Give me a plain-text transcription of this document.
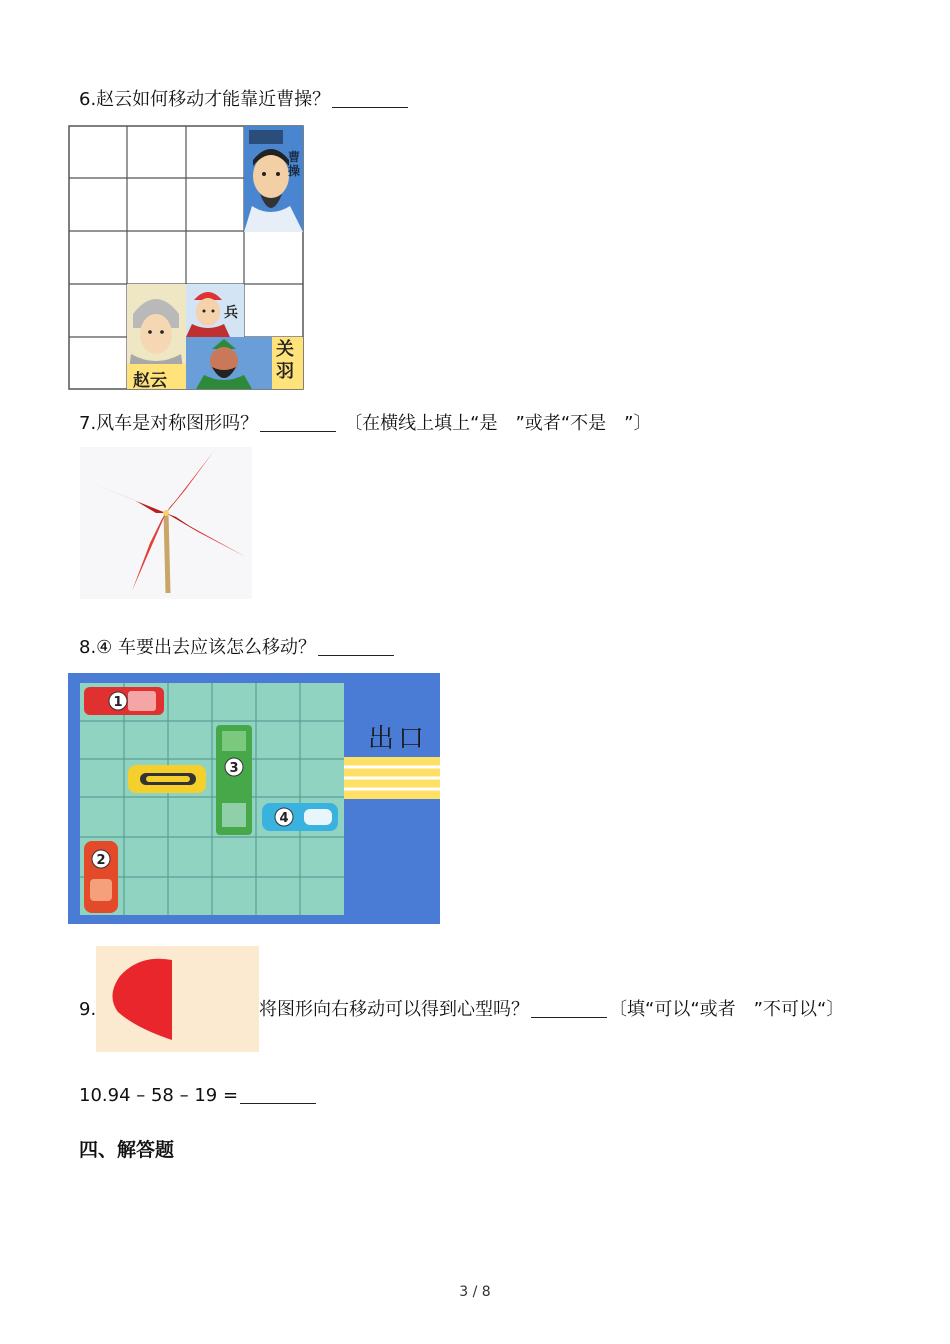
6.赵云如何移动才能靠近曹操？
曹操
赵云
兵
关羽
7.风车是对称图形吗？	〔在横线上填上“是　”或者“不是　”〕
8.④ 车要出去应该怎么移动？
1
3
4
2
出口
9.	将图形向右移动可以得到心型吗？	〔填“可以“或者　”不可以“〕
10.94 – 58 – 19 =
四、解答题
3 / 8
